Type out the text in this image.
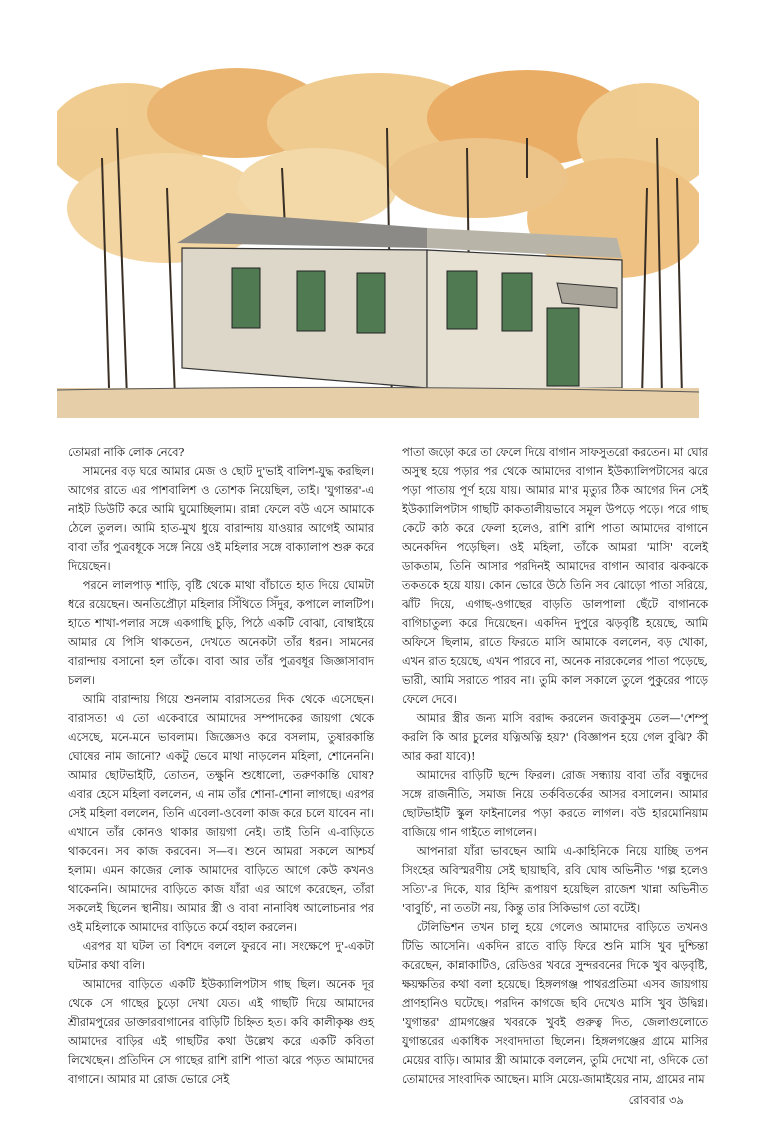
তোমরা নাকি লোক নেবে?

সামনের বড় ঘরে আমার মেজ ও ছোট দু'ভাই বালিশ-যুদ্ধ করছিল। আগের রাতে এর পাশবালিশ ও তোশক নিয়েছিল, তাই। 'যুগান্তর'-এ নাইট ডিউটি করে আমি ঘুমোচ্ছিলাম। রান্না ফেলে বউ এসে আমাকে ঠেলে তুলল। আমি হাত-মুখ ধুয়ে বারান্দায় যাওয়ার আগেই আমার বাবা তাঁর পুত্রবধূকে সঙ্গে নিয়ে ওই মহিলার সঙ্গে বাক্যালাপ শুরু করে দিয়েছেন।

পরনে লালপাড় শাড়ি, বৃষ্টি থেকে মাথা বাঁচাতে হাত দিয়ে ঘোমটা ধরে রয়েছেন। অনতিপ্রৌঢ়া মহিলার সিঁথিতে সিঁদুর, কপালে লালটিপ। হাতে শাখা-পলার সঙ্গে একগাছি চুড়ি, পিঠে একটি বোঝা, বোম্বাইয়ে আমার যে পিসি থাকতেন, দেখতে অনেকটা তাঁর ধরন। সামনের বারান্দায় বসানো হল তাঁকে। বাবা আর তাঁর পুত্রবধূর জিজ্ঞাসাবাদ চলল।

আমি বারান্দায় গিয়ে শুনলাম বারাসতের দিক থেকে এসেছেন। বারাসত! এ তো একেবারে আমাদের সম্পাদকের জায়গা থেকে এসেছে, মনে-মনে ভাবলাম। জিজ্ঞেসও করে বসলাম, তুষারকান্তি ঘোষের নাম জানো? একটু ভেবে মাথা নাড়লেন মহিলা, শোনেননি। আমার ছোটভাইটি, তোতন, তক্ষুনি শুধোলো, তরুণকান্তি ঘোষ? এবার হেসে মহিলা বললেন, এ নাম তাঁর শোনা-শোনা লাগছে। এরপর সেই মহিলা বললেন, তিনি এবেলা-ওবেলা কাজ করে চলে যাবেন না। এখানে তাঁর কোনও থাকার জায়গা নেই। তাই তিনি এ-বাড়িতে থাকবেন। সব কাজ করবেন। স—ব। শুনে আমরা সকলে আশ্চর্য হলাম। এমন কাজের লোক আমাদের বাড়িতে আগে কেউ কখনও থাকেননি। আমাদের বাড়িতে কাজ যাঁরা এর আগে করেছেন, তাঁরা সকলেই ছিলেন স্থানীয়। আমার স্ত্রী ও বাবা নানাবিধ আলোচনার পর ওই মহিলাকে আমাদের বাড়িতে কর্মে বহাল করলেন।

এরপর যা ঘটল তা বিশদে বললে ফুরবে না। সংক্ষেপে দু'-একটা ঘটনার কথা বলি।

আমাদের বাড়িতে একটি ইউক্যালিপটাস গাছ ছিল। অনেক দূর থেকে সে গাছের চুড়ো দেখা যেত। এই গাছটি দিয়ে আমাদের শ্রীরামপুরের ডাক্তারবাগানের বাড়িটি চিহ্নিত হত। কবি কালীকৃষ্ণ গুহ আমাদের বাড়ির এই গাছটির কথা উল্লেখ করে একটি কবিতা লিখেছেন। প্রতিদিন সে গাছের রাশি রাশি পাতা ঝরে পড়ত আমাদের বাগানে। আমার মা রোজ ভোরে সেই

পাতা জড়ো করে তা ফেলে দিয়ে বাগান সাফসুতরো করতেন। মা ঘোর অসুস্থ হয়ে পড়ার পর থেকে আমাদের বাগান ইউক্যালিপটাসের ঝরে পড়া পাতায় পূর্ণ হয়ে যায়। আমার মা'র মৃত্যুর ঠিক আগের দিন সেই ইউক্যালিপটাস গাছটি কাকতালীয়ভাবে সমূল উপড়ে পড়ে। পরে গাছ কেটে কাঠ করে ফেলা হলেও, রাশি রাশি পাতা আমাদের বাগানে অনেকদিন পড়েছিল। ওই মহিলা, তাঁকে আমরা 'মাসি' বলেই ডাকতাম, তিনি আসার পরদিনই আমাদের বাগান আবার ঝকঝকে তকতকে হয়ে যায়। কোন ভোরে উঠে তিনি সব ঝোড়ো পাতা সরিয়ে, ঝাঁট দিয়ে, এগাছ-ওগাছের বাড়তি ডালপালা ছেঁটে বাগানকে বাগিচাতুল্য করে দিয়েছেন। একদিন দুপুরে ঝড়বৃষ্টি হয়েছে, আমি অফিসে ছিলাম, রাতে ফিরতে মাসি আমাকে বললেন, বড় খোকা, এখন রাত হয়েছে, এখন পারবে না, অনেক নারকেলের পাতা পড়েছে, ভারী, আমি সরাতে পারব না। তুমি কাল সকালে তুলে পুকুরের পাড়ে ফেলে দেবে।

আমার স্ত্রীর জন্য মাসি বরাদ্দ করলেন জবাকুসুম তেল—'শেম্পু করলি কি আর চুলের যত্নিঅত্নি হয়?' (বিজ্ঞাপন হয়ে গেল বুঝি? কী আর করা যাবে)!

আমাদের বাড়িটি ছন্দে ফিরল। রোজ সন্ধ্যায় বাবা তাঁর বন্ধুদের সঙ্গে রাজনীতি, সমাজ নিয়ে তর্কবিতর্কের আসর বসালেন। আমার ছোটভাইটি স্কুল ফাইনালের পড়া করতে লাগল। বউ হারমোনিয়াম বাজিয়ে গান গাইতে লাগলেন।

আপনারা যাঁরা ভাবছেন আমি এ-কাহিনিকে নিয়ে যাচ্ছি তপন সিংহের অবিস্মরণীয় সেই ছায়াছবি, রবি ঘোষ অভিনীত 'গল্প হলেও সত্যি'-র দিকে, যার হিন্দি রূপায়ণ হয়েছিল রাজেশ খান্না অভিনীত 'বাবুর্চি', না ততটা নয়, কিন্তু তার সিকিভাগ তো বটেই।

টেলিভিশন তখন চালু হয়ে গেলেও আমাদের বাড়িতে তখনও টিভি আসেনি। একদিন রাতে বাড়ি ফিরে শুনি মাসি খুব দুশ্চিন্তা করেছেন, কান্নাকাটিও, রেডিওর খবরে সুন্দরবনের দিকে খুব ঝড়বৃষ্টি, ক্ষয়ক্ষতির কথা বলা হয়েছে। হিঙ্গলগঞ্জ পাথরপ্রতিমা এসব জায়গায় প্রাণহানিও ঘটেছে। পরদিন কাগজে ছবি দেখেও মাসি খুব উদ্বিগ্ন। 'যুগান্তর' গ্রামগঞ্জের খবরকে খুবই গুরুত্ব দিত, জেলাগুলোতে যুগান্তরের একাধিক সংবাদদাতা ছিলেন। হিঙ্গলগঞ্জের গ্রামে মাসির মেয়ের বাড়ি। আমার স্ত্রী আমাকে বললেন, তুমি দেখো না, ওদিকে তো তোমাদের সাংবাদিক আছেন। মাসি মেয়ে-জামাইয়ের নাম, গ্রামের নাম

রোববার ৩৯
